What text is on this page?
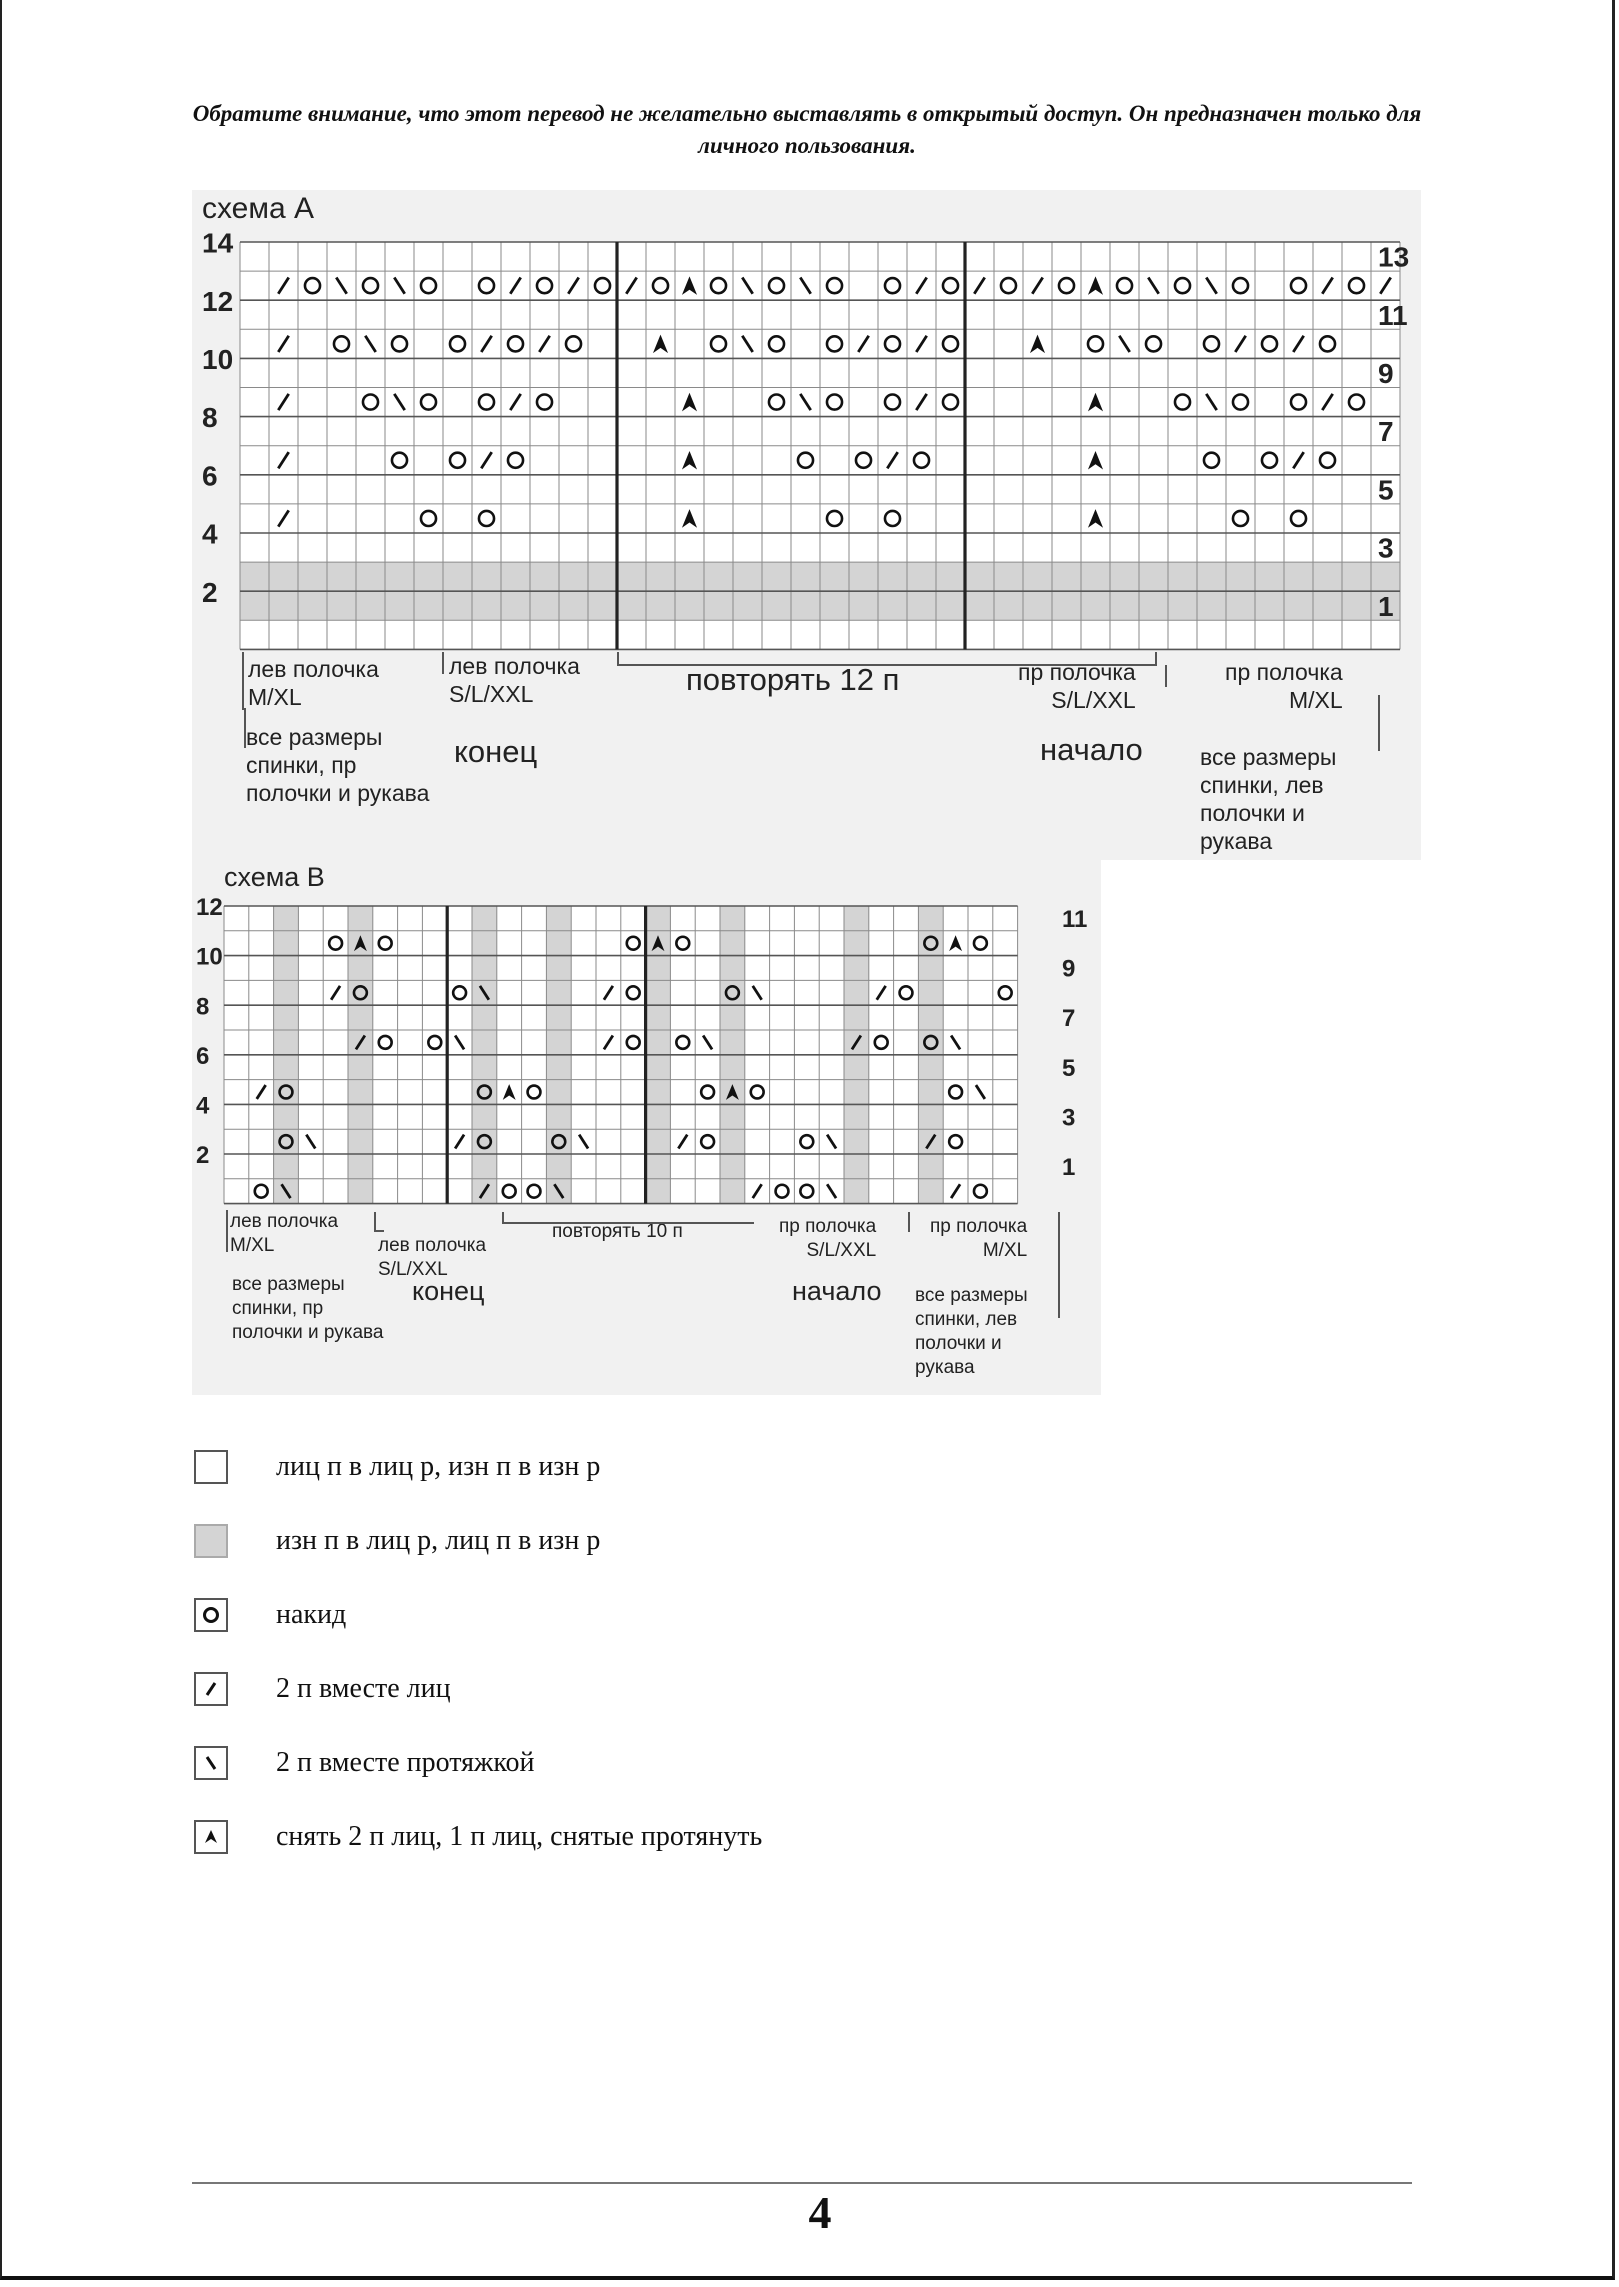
Обратите внимание, что этот перевод не желательно выставлять в открытый доступ. Он предназначен только для личного пользования.
схема А
14
12
10
8
6
4
2
13
11
9
7
5
3
1
лев полочка
M/XL
лев полочка
S/L/XXL	повторять 12 п	пр полочка
S/L/XXL
пр полочка
M/XL
все размеры
спинки, пр
полочки и рукава
конец	начало все размеры
спинки, лев
полочки и
рукава
схема В
12
10
8
6
4
2
11
9
7
5
3
1
лев полочка
M/XL	лев полочка
S/L/XXL
повторять 10 п	пр полочка
S/L/XXL
пр полочка
M/XL
все размеры
спинки, пр
полочки и рукава
конец	начало все размеры
спинки, лев
полочки и
рукава
лиц п в лиц р, изн п в изн р
изн п в лиц р, лиц п в изн р
накид
2 п вместе лиц
2 п вместе протяжкой
снять 2 п лиц, 1 п лиц, снятые протянуть
4
